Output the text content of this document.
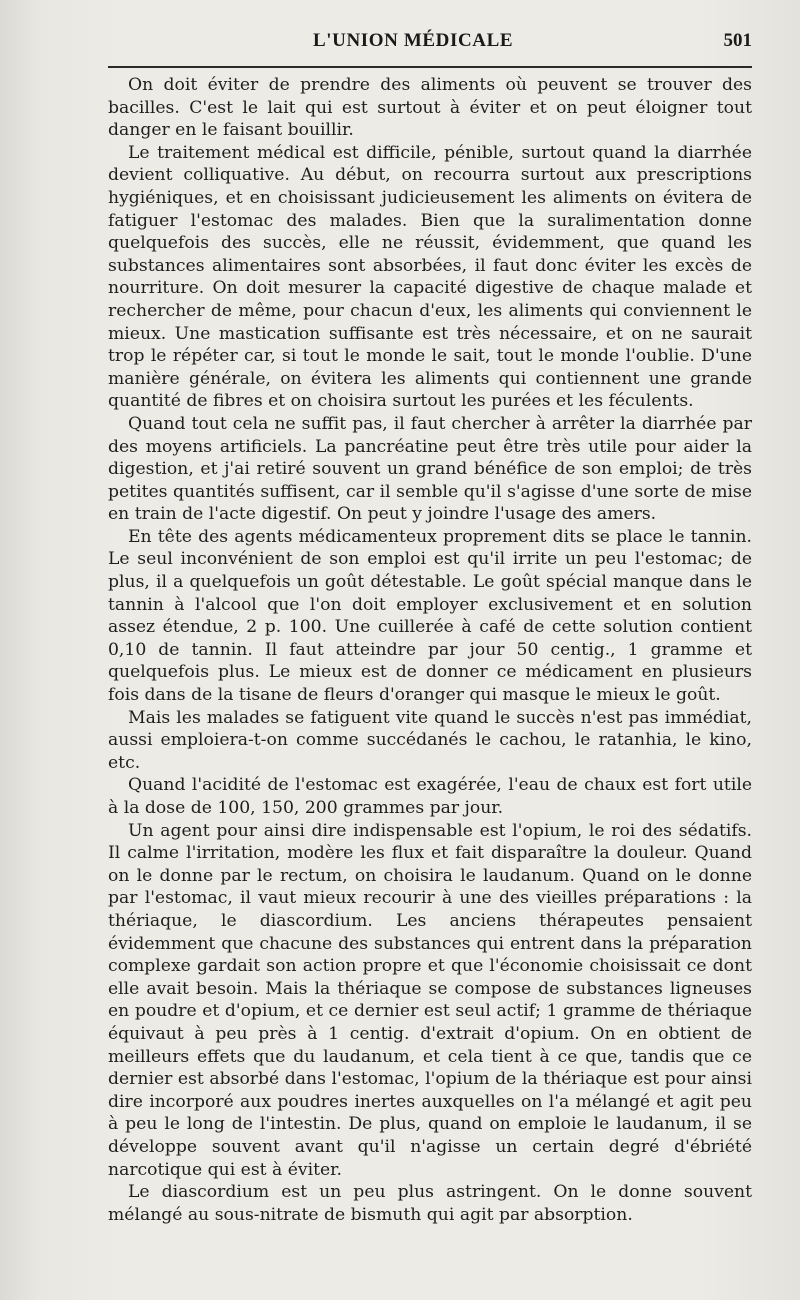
L'UNION MÉDICALE	501

On doit éviter de prendre des aliments où peuvent se trouver des bacilles. C'est le lait qui est surtout à éviter et on peut éloigner tout danger en le faisant bouillir.

Le traitement médical est difficile, pénible, surtout quand la diarrhée devient colliquative. Au début, on recourra surtout aux prescriptions hygiéniques, et en choisissant judicieusement les aliments on évitera de fatiguer l'estomac des malades. Bien que la suralimentation donne quelquefois des succès, elle ne réussit, évidemment, que quand les substances alimentaires sont absorbées, il faut donc éviter les excès de nourriture. On doit mesurer la capacité digestive de chaque malade et rechercher de même, pour chacun d'eux, les aliments qui conviennent le mieux. Une mastication suffisante est très nécessaire, et on ne saurait trop le répéter car, si tout le monde le sait, tout le monde l'oublie. D'une manière générale, on évitera les aliments qui contiennent une grande quantité de fibres et on choisira surtout les purées et les féculents.

Quand tout cela ne suffit pas, il faut chercher à arrêter la diarrhée par des moyens artificiels. La pancréatine peut être très utile pour aider la digestion, et j'ai retiré souvent un grand bénéfice de son emploi; de très petites quantités suffisent, car il semble qu'il s'agisse d'une sorte de mise en train de l'acte digestif. On peut y joindre l'usage des amers.

En tête des agents médicamenteux proprement dits se place le tannin. Le seul inconvénient de son emploi est qu'il irrite un peu l'estomac; de plus, il a quelquefois un goût détestable. Le goût spécial manque dans le tannin à l'alcool que l'on doit employer exclusivement et en solution assez étendue, 2 p. 100. Une cuillerée à café de cette solution contient 0,10 de tannin. Il faut atteindre par jour 50 centig., 1 gramme et quelquefois plus. Le mieux est de donner ce médicament en plusieurs fois dans de la tisane de fleurs d'oranger qui masque le mieux le goût.

Mais les malades se fatiguent vite quand le succès n'est pas immédiat, aussi emploiera-t-on comme succédanés le cachou, le ratanhia, le kino, etc.

Quand l'acidité de l'estomac est exagérée, l'eau de chaux est fort utile à la dose de 100, 150, 200 grammes par jour.

Un agent pour ainsi dire indispensable est l'opium, le roi des sédatifs. Il calme l'irritation, modère les flux et fait disparaître la douleur. Quand on le donne par le rectum, on choisira le laudanum. Quand on le donne par l'estomac, il vaut mieux recourir à une des vieilles préparations : la thériaque, le diascordium. Les anciens thérapeutes pensaient évidemment que chacune des substances qui entrent dans la préparation complexe gardait son action propre et que l'économie choisissait ce dont elle avait besoin. Mais la thériaque se compose de substances ligneuses en poudre et d'opium, et ce dernier est seul actif; 1 gramme de thériaque équivaut à peu près à 1 centig. d'extrait d'opium. On en obtient de meilleurs effets que du laudanum, et cela tient à ce que, tandis que ce dernier est absorbé dans l'estomac, l'opium de la thériaque est pour ainsi dire incorporé aux poudres inertes auxquelles on l'a mélangé et agit peu à peu le long de l'intestin. De plus, quand on emploie le laudanum, il se développe souvent avant qu'il n'agisse un certain degré d'ébriété narcotique qui est à éviter.

Le diascordium est un peu plus astringent. On le donne souvent mélangé au sous-nitrate de bismuth qui agit par absorption.
